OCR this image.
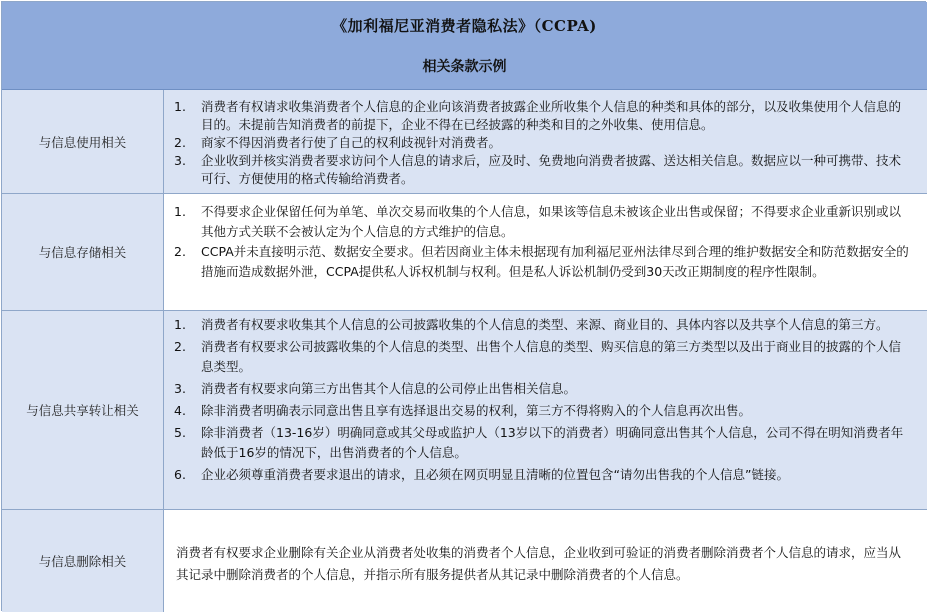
《加利福尼亚消费者隐私法》（CCPA)
相关条款示例
与信息使用相关
1.	消费者有权请求收集消费者个人信息的企业向该消费者披露企业所收集个人信息的种类和具体的部分，以及收集使用个人信息的目的。未提前告知消费者的前提下，企业不得在已经披露的种类和目的之外收集、使用信息。
2.	商家不得因消费者行使了自己的权利歧视针对消费者。
3.	企业收到并核实消费者要求访问个人信息的请求后，应及时、免费地向消费者披露、送达相关信息。数据应以一种可携带、技术可行、方便使用的格式传输给消费者。
与信息存储相关
1.	不得要求企业保留任何为单笔、单次交易而收集的个人信息，如果该等信息未被该企业出售或保留；不得要求企业重新识别或以其他方式关联不会被认定为个人信息的方式维护的信息。
2.	CCPA并未直接明示范、数据安全要求。但若因商业主体未根据现有加利福尼亚州法律尽到合理的维护数据安全和防范数据安全的措施而造成数据外泄，CCPA提供私人诉权机制与权利。但是私人诉讼机制仍受到30天改正期制度的程序性限制。
与信息共享转让相关
1.	消费者有权要求收集其个人信息的公司披露收集的个人信息的类型、来源、商业目的、具体内容以及共享个人信息的第三方。
2.	消费者有权要求公司披露收集的个人信息的类型、出售个人信息的类型、购买信息的第三方类型以及出于商业目的披露的个人信息类型。
3.	消费者有权要求向第三方出售其个人信息的公司停止出售相关信息。
4.	除非消费者明确表示同意出售且享有选择退出交易的权利，第三方不得将购入的个人信息再次出售。
5.	除非消费者（13-16岁）明确同意或其父母或监护人（13岁以下的消费者）明确同意出售其个人信息，公司不得在明知消费者年龄低于16岁的情况下，出售消费者的个人信息。
6.	企业必须尊重消费者要求退出的请求，且必须在网页明显且清晰的位置包含“请勿出售我的个人信息”链接。
与信息删除相关
消费者有权要求企业删除有关企业从消费者处收集的消费者个人信息，企业收到可验证的消费者删除消费者个人信息的请求，应当从其记录中删除消费者的个人信息，并指示所有服务提供者从其记录中删除消费者的个人信息。
